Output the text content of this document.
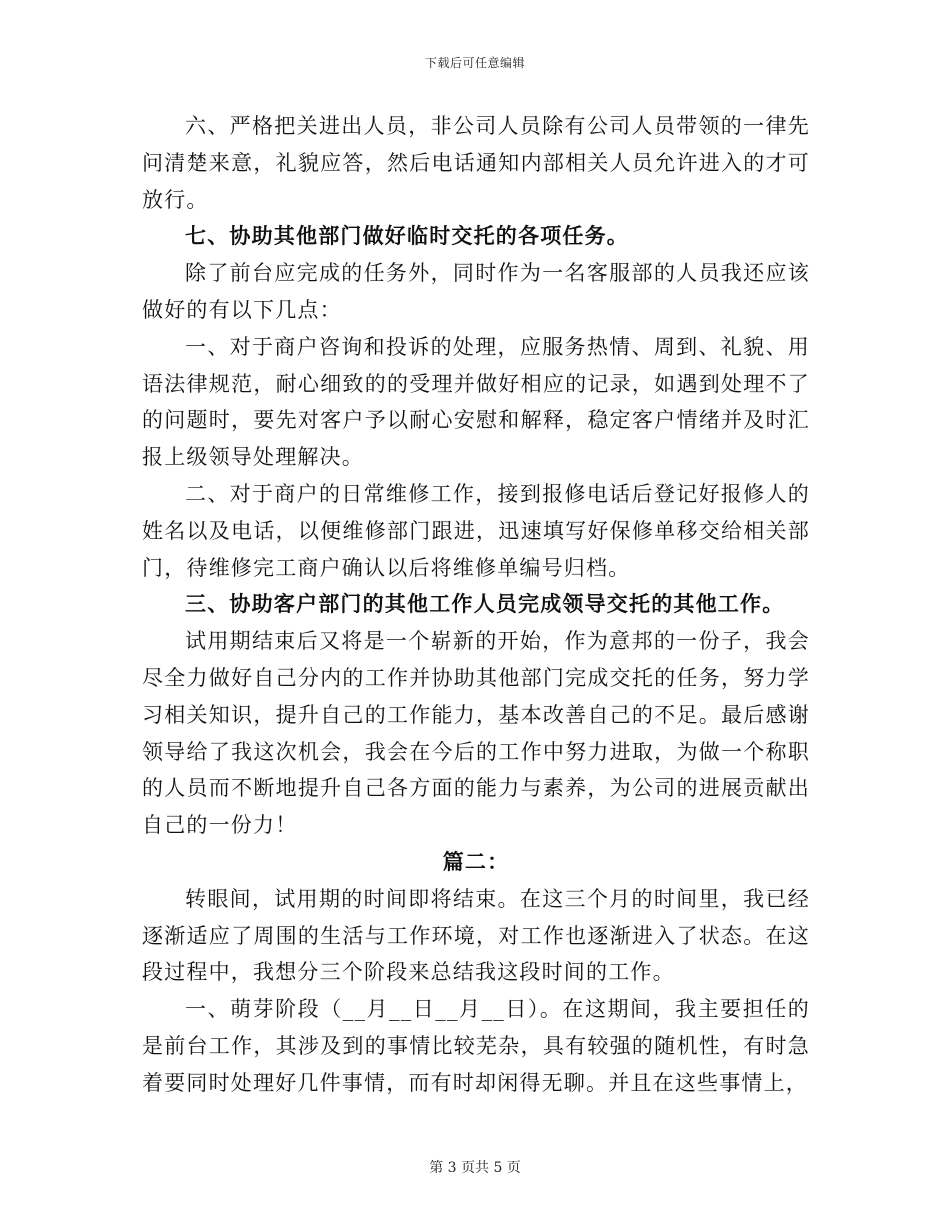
下载后可任意编辑

六、严格把关进出人员，非公司人员除有公司人员带领的一律先问清楚来意，礼貌应答，然后电话通知内部相关人员允许进入的才可放行。

七、协助其他部门做好临时交托的各项任务。

除了前台应完成的任务外，同时作为一名客服部的人员我还应该做好的有以下几点：

一、对于商户咨询和投诉的处理，应服务热情、周到、礼貌、用语法律规范，耐心细致的的受理并做好相应的记录，如遇到处理不了的问题时，要先对客户予以耐心安慰和解释，稳定客户情绪并及时汇报上级领导处理解决。

二、对于商户的日常维修工作，接到报修电话后登记好报修人的姓名以及电话，以便维修部门跟进，迅速填写好保修单移交给相关部门，待维修完工商户确认以后将维修单编号归档。

三、协助客户部门的其他工作人员完成领导交托的其他工作。

试用期结束后又将是一个崭新的开始，作为意邦的一份子，我会尽全力做好自己分内的工作并协助其他部门完成交托的任务，努力学习相关知识，提升自己的工作能力，基本改善自己的不足。最后感谢领导给了我这次机会，我会在今后的工作中努力进取，为做一个称职的人员而不断地提升自己各方面的能力与素养，为公司的进展贡献出自己的一份力！

篇二：

转眼间，试用期的时间即将结束。在这三个月的时间里，我已经逐渐适应了周围的生活与工作环境，对工作也逐渐进入了状态。在这段过程中，我想分三个阶段来总结我这段时间的工作。

一、萌芽阶段（__月__日__月__日）。在这期间，我主要担任的是前台工作，其涉及到的事情比较芜杂，具有较强的随机性，有时急着要同时处理好几件事情，而有时却闲得无聊。并且在这些事情上，

第 3 页共 5 页
